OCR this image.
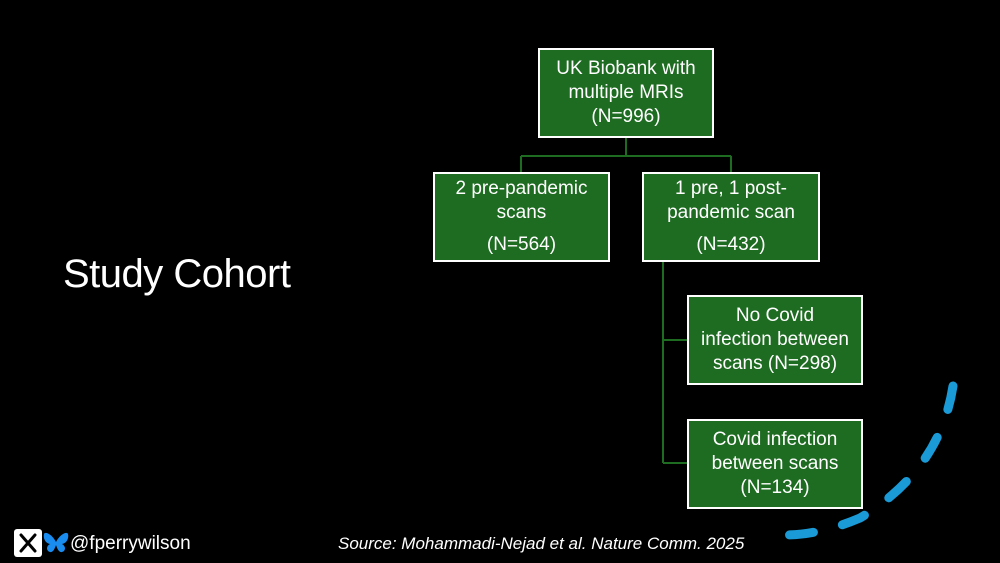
Study Cohort
UK Biobank with
multiple MRIs
(N=996)
2 pre-pandemic
scans
(N=564)
1 pre, 1 post-
pandemic scan
(N=432)
No Covid
infection between
scans (N=298)
Covid infection
between scans
(N=134)
@fperrywilson	Source: Mohammadi-Nejad et al. Nature Comm. 2025
